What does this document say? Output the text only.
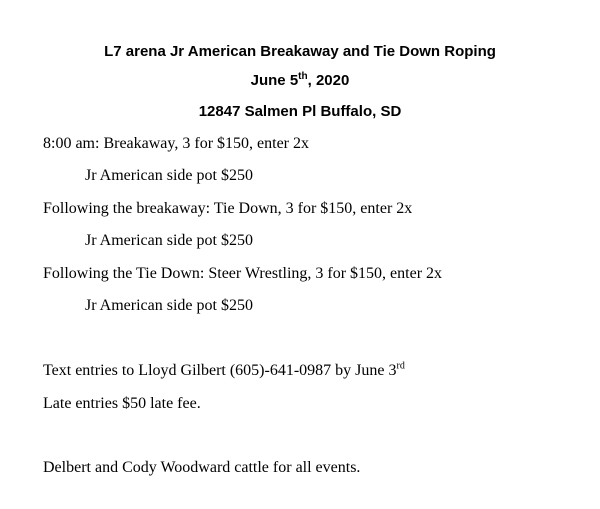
L7 arena Jr American Breakaway and Tie Down Roping
June 5th, 2020
12847 Salmen Pl Buffalo, SD
8:00 am: Breakaway, 3 for $150, enter 2x
Jr American side pot $250
Following the breakaway: Tie Down, 3 for $150, enter 2x
Jr American side pot $250
Following the Tie Down: Steer Wrestling, 3 for $150, enter 2x
Jr American side pot $250
Text entries to Lloyd Gilbert (605)-641-0987 by June 3rd
Late entries $50 late fee.
Delbert and Cody Woodward cattle for all events.
